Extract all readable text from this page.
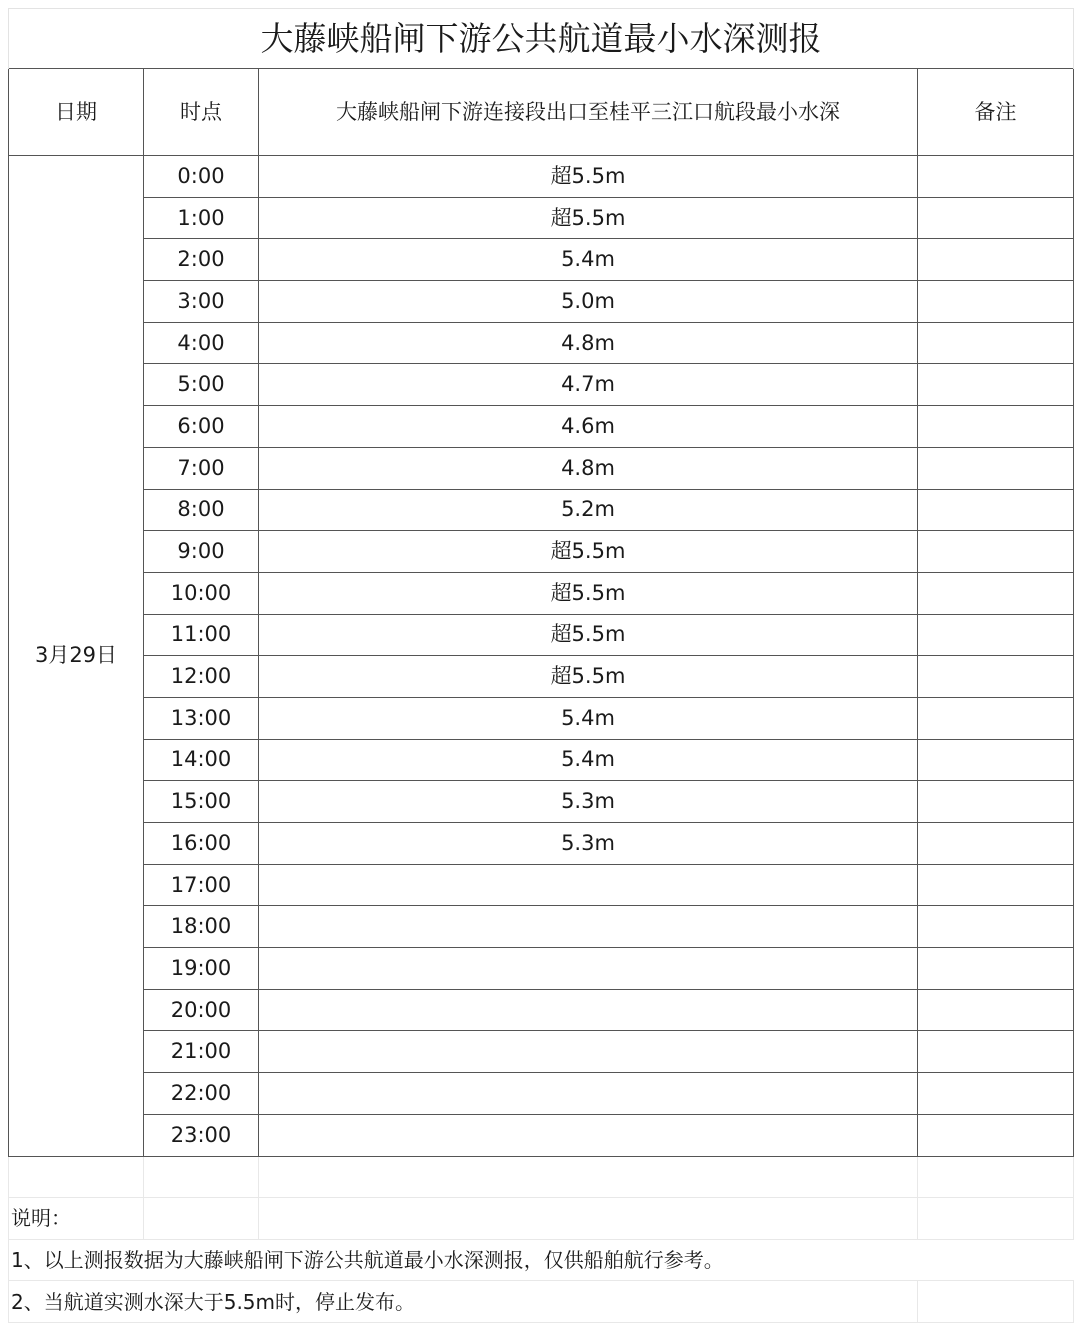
大藤峡船闸下游公共航道最小水深测报			
日期	时点	大藤峡船闸下游连接段出口至桂平三江口航段最小水深	备注
3月29日	0:00	超5.5m	
	1:00	超5.5m	
	2:00	5.4m	
	3:00	5.0m	
	4:00	4.8m	
	5:00	4.7m	
	6:00	4.6m	
	7:00	4.8m	
	8:00	5.2m	
	9:00	超5.5m	
	10:00	超5.5m	
	11:00	超5.5m	
	12:00	超5.5m	
	13:00	5.4m	
	14:00	5.4m	
	15:00	5.3m	
	16:00	5.3m	
	17:00		
	18:00		
	19:00		
	20:00		
	21:00		
	22:00		
	23:00		

说明：			
1、以上测报数据为大藤峡船闸下游公共航道最小水深测报，仅供船舶航行参考。			
2、当航道实测水深大于5.5m时，停止发布。			
